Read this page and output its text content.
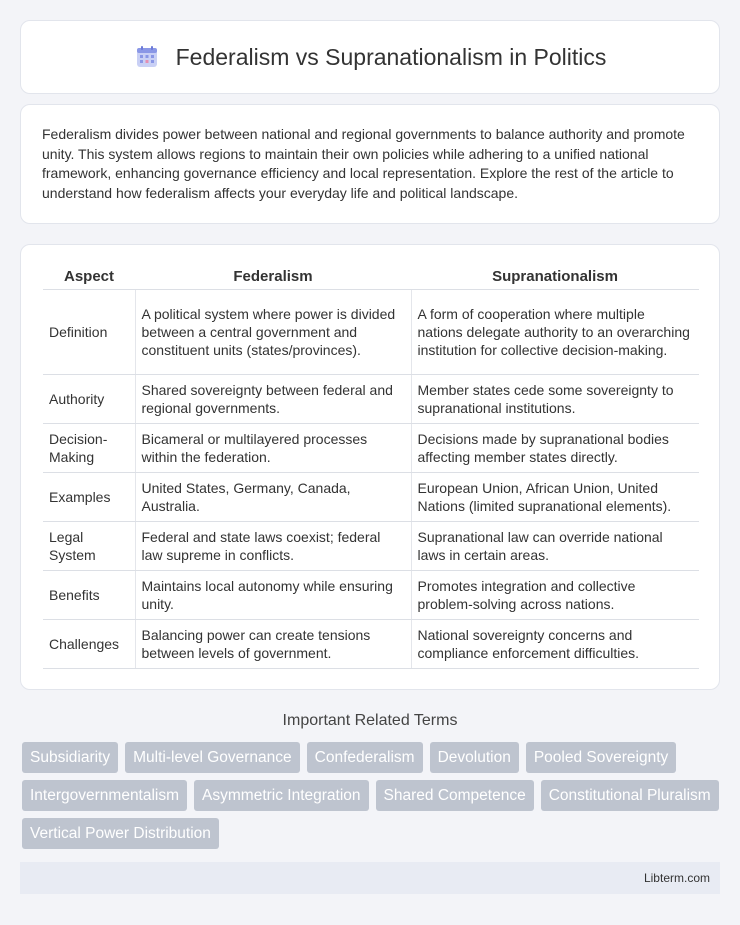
Federalism vs Supranationalism in Politics

Federalism divides power between national and regional governments to balance authority and promote unity. This system allows regions to maintain their own policies while adhering to a unified national framework, enhancing governance efficiency and local representation. Explore the rest of the article to understand how federalism affects your everyday life and political landscape.

Aspect	Federalism	Supranationalism
Definition	A political system where power is divided between a central government and constituent units (states/provinces).	A form of cooperation where multiple nations delegate authority to an overarching institution for collective decision-making.
Authority	Shared sovereignty between federal and regional governments.	Member states cede some sovereignty to supranational institutions.
Decision-Making	Bicameral or multilayered processes within the federation.	Decisions made by supranational bodies affecting member states directly.
Examples	United States, Germany, Canada, Australia.	European Union, African Union, United Nations (limited supranational elements).
Legal System	Federal and state laws coexist; federal law supreme in conflicts.	Supranational law can override national laws in certain areas.
Benefits	Maintains local autonomy while ensuring unity.	Promotes integration and collective problem-solving across nations.
Challenges	Balancing power can create tensions between levels of government.	National sovereignty concerns and compliance enforcement difficulties.
Important Related Terms
Subsidiarity	Multi-level Governance	Confederalism	Devolution	Pooled Sovereignty
Intergovernmentalism	Asymmetric Integration	Shared Competence	Constitutional Pluralism
Vertical Power Distribution
Libterm.com
